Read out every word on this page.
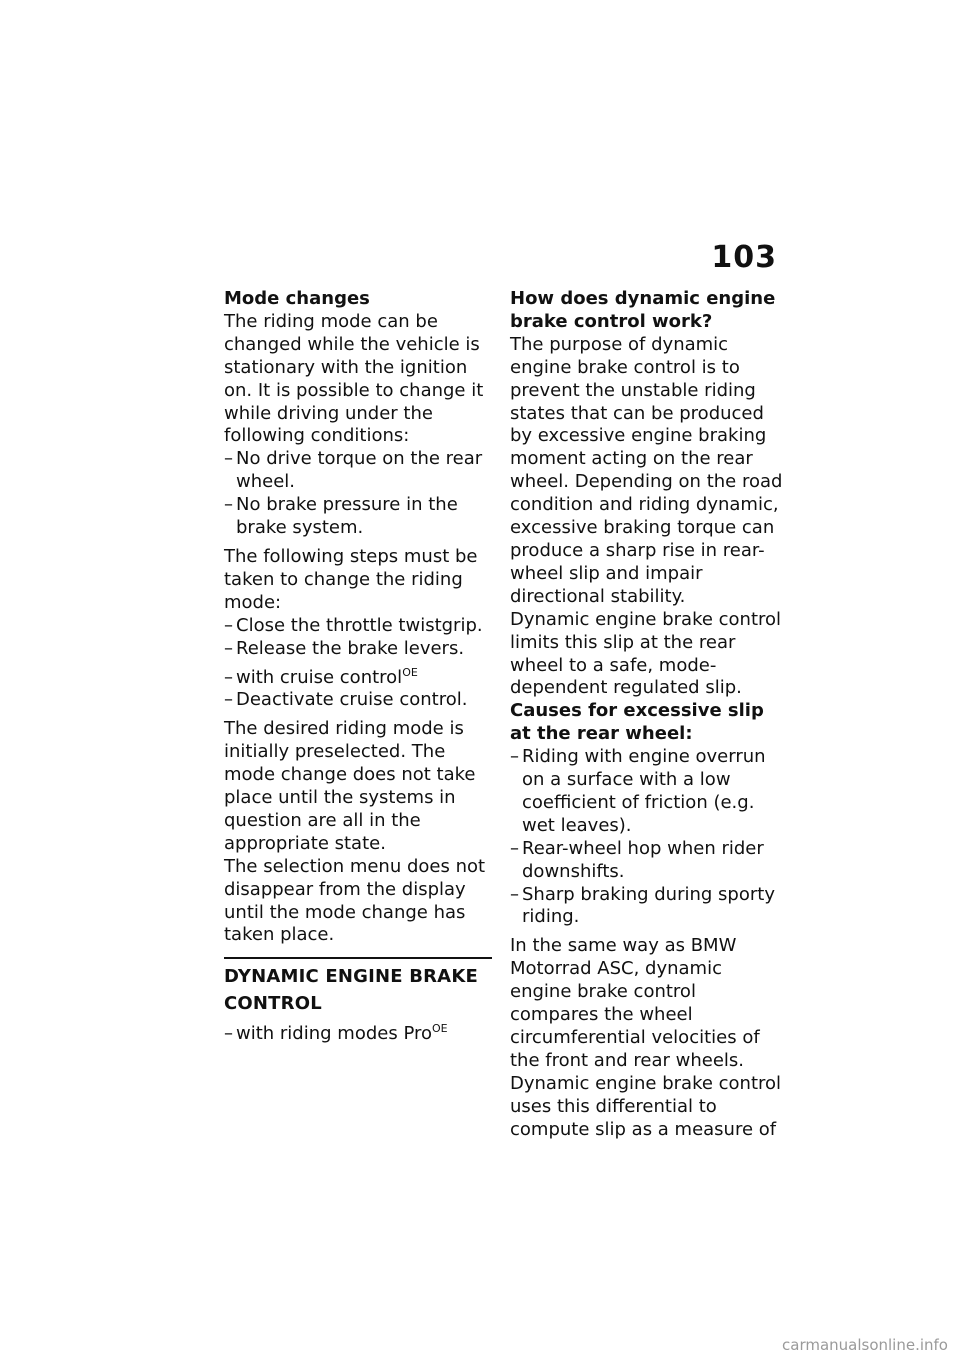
103

Mode changes

The riding mode can be changed while the vehicle is stationary with the ignition on. It is possible to change it while driving under the following conditions:

– No drive torque on the rear wheel.
– No brake pressure in the brake system.

The following steps must be taken to change the riding mode:

– Close the throttle twistgrip.
– Release the brake levers.
– with cruise control$^{OE}$
– Deactivate cruise control.

The desired riding mode is initially preselected. The mode change does not take place until the systems in question are all in the appropriate state.

The selection menu does not disappear from the display until the mode change has taken place.

DYNAMIC ENGINE BRAKE CONTROL
– with riding modes Pro$^{OE}$

How does dynamic engine brake control work?

The purpose of dynamic engine brake control is to prevent the unstable riding states that can be produced by excessive engine braking moment acting on the rear wheel. Depending on the road condition and riding dynamic, excessive braking torque can produce a sharp rise in rear-wheel slip and impair directional stability.

Dynamic engine brake control limits this slip at the rear wheel to a safe, mode-dependent regulated slip.

Causes for excessive slip at the rear wheel:

– Riding with engine overrun on a surface with a low coefficient of friction (e.g. wet leaves).
– Rear-wheel hop when rider downshifts.
– Sharp braking during sporty riding.

In the same way as BMW Motorrad ASC, dynamic engine brake control compares the wheel circumferential velocities of the front and rear wheels. Dynamic engine brake control uses this differential to compute slip as a measure of

carmanualsonline.info
